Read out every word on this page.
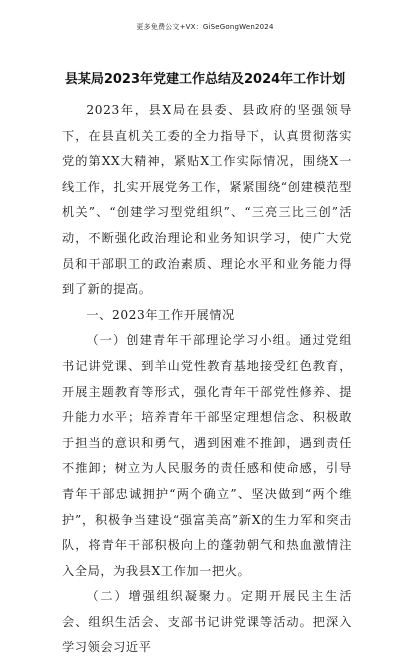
更多免费公文+VX：GiSeGongWen2024
县某局2023年党建工作总结及2024年工作计划

2023年，县X局在县委、县政府的坚强领导下，在县直机关工委的全力指导下，认真贯彻落实党的第XX大精神，紧贴X工作实际情况，围绕X一线工作，扎实开展党务工作，紧紧围绕“创建模范型机关”、“创建学习型党组织”、“三亮三比三创”活动，不断强化政治理论和业务知识学习，使广大党员和干部职工的政治素质、理论水平和业务能力得到了新的提高。

一、2023年工作开展情况

（一）创建青年干部理论学习小组。通过党组书记讲党课、到羊山党性教育基地接受红色教育，开展主题教育等形式，强化青年干部党性修养、提升能力水平；培养青年干部坚定理想信念、积极敢于担当的意识和勇气，遇到困难不推卸，遇到责任不推卸；树立为人民服务的责任感和使命感，引导青年干部忠诚拥护“两个确立”、坚决做到“两个维护”，积极争当建设“强富美高”新X的生力军和突击队，将青年干部积极向上的蓬勃朝气和热血激情注入全局，为我县X工作加一把火。

（二）增强组织凝聚力。定期开展民主生活会、组织生活会、支部书记讲党课等活动。把深入学习领会习近平
